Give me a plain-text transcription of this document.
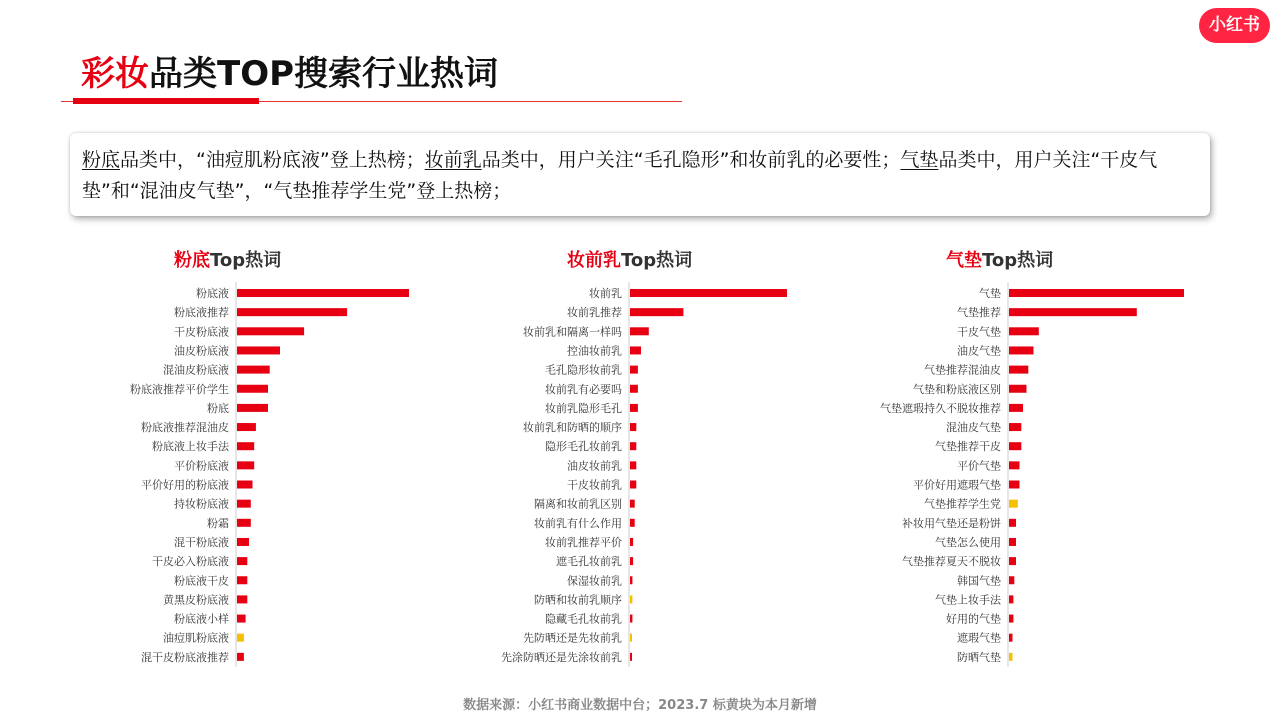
小红书
彩妆品类TOP搜索行业热词
粉底品类中，“油痘肌粉底液”登上热榜；妆前乳品类中，用户关注“毛孔隐形”和妆前乳的必要性；气垫品类中，用户关注“干皮气垫”和“混油皮气垫”，“气垫推荐学生党”登上热榜；
粉底Top热词
粉底液
粉底液推荐
干皮粉底液
油皮粉底液
混油皮粉底液
粉底液推荐平价学生
粉底
粉底液推荐混油皮
粉底液上妆手法
平价粉底液
平价好用的粉底液
持妆粉底液
粉霜
混干粉底液
干皮必入粉底液
粉底液干皮
黄黑皮粉底液
粉底液小样
油痘肌粉底液
混干皮粉底液推荐
妆前乳Top热词
妆前乳
妆前乳推荐
妆前乳和隔离一样吗
控油妆前乳
毛孔隐形妆前乳
妆前乳有必要吗
妆前乳隐形毛孔
妆前乳和防晒的顺序
隐形毛孔妆前乳
油皮妆前乳
干皮妆前乳
隔离和妆前乳区别
妆前乳有什么作用
妆前乳推荐平价
遮毛孔妆前乳
保湿妆前乳
防晒和妆前乳顺序
隐藏毛孔妆前乳
先防晒还是先妆前乳
先涂防晒还是先涂妆前乳
气垫Top热词
气垫
气垫推荐
干皮气垫
油皮气垫
气垫推荐混油皮
气垫和粉底液区别
气垫遮瑕持久不脱妆推荐
混油皮气垫
气垫推荐干皮
平价气垫
平价好用遮瑕气垫
气垫推荐学生党
补妆用气垫还是粉饼
气垫怎么使用
气垫推荐夏天不脱妆
韩国气垫
气垫上妆手法
好用的气垫
遮瑕气垫
防晒气垫
数据来源：小红书商业数据中台；2023.7 标黄块为本月新增
